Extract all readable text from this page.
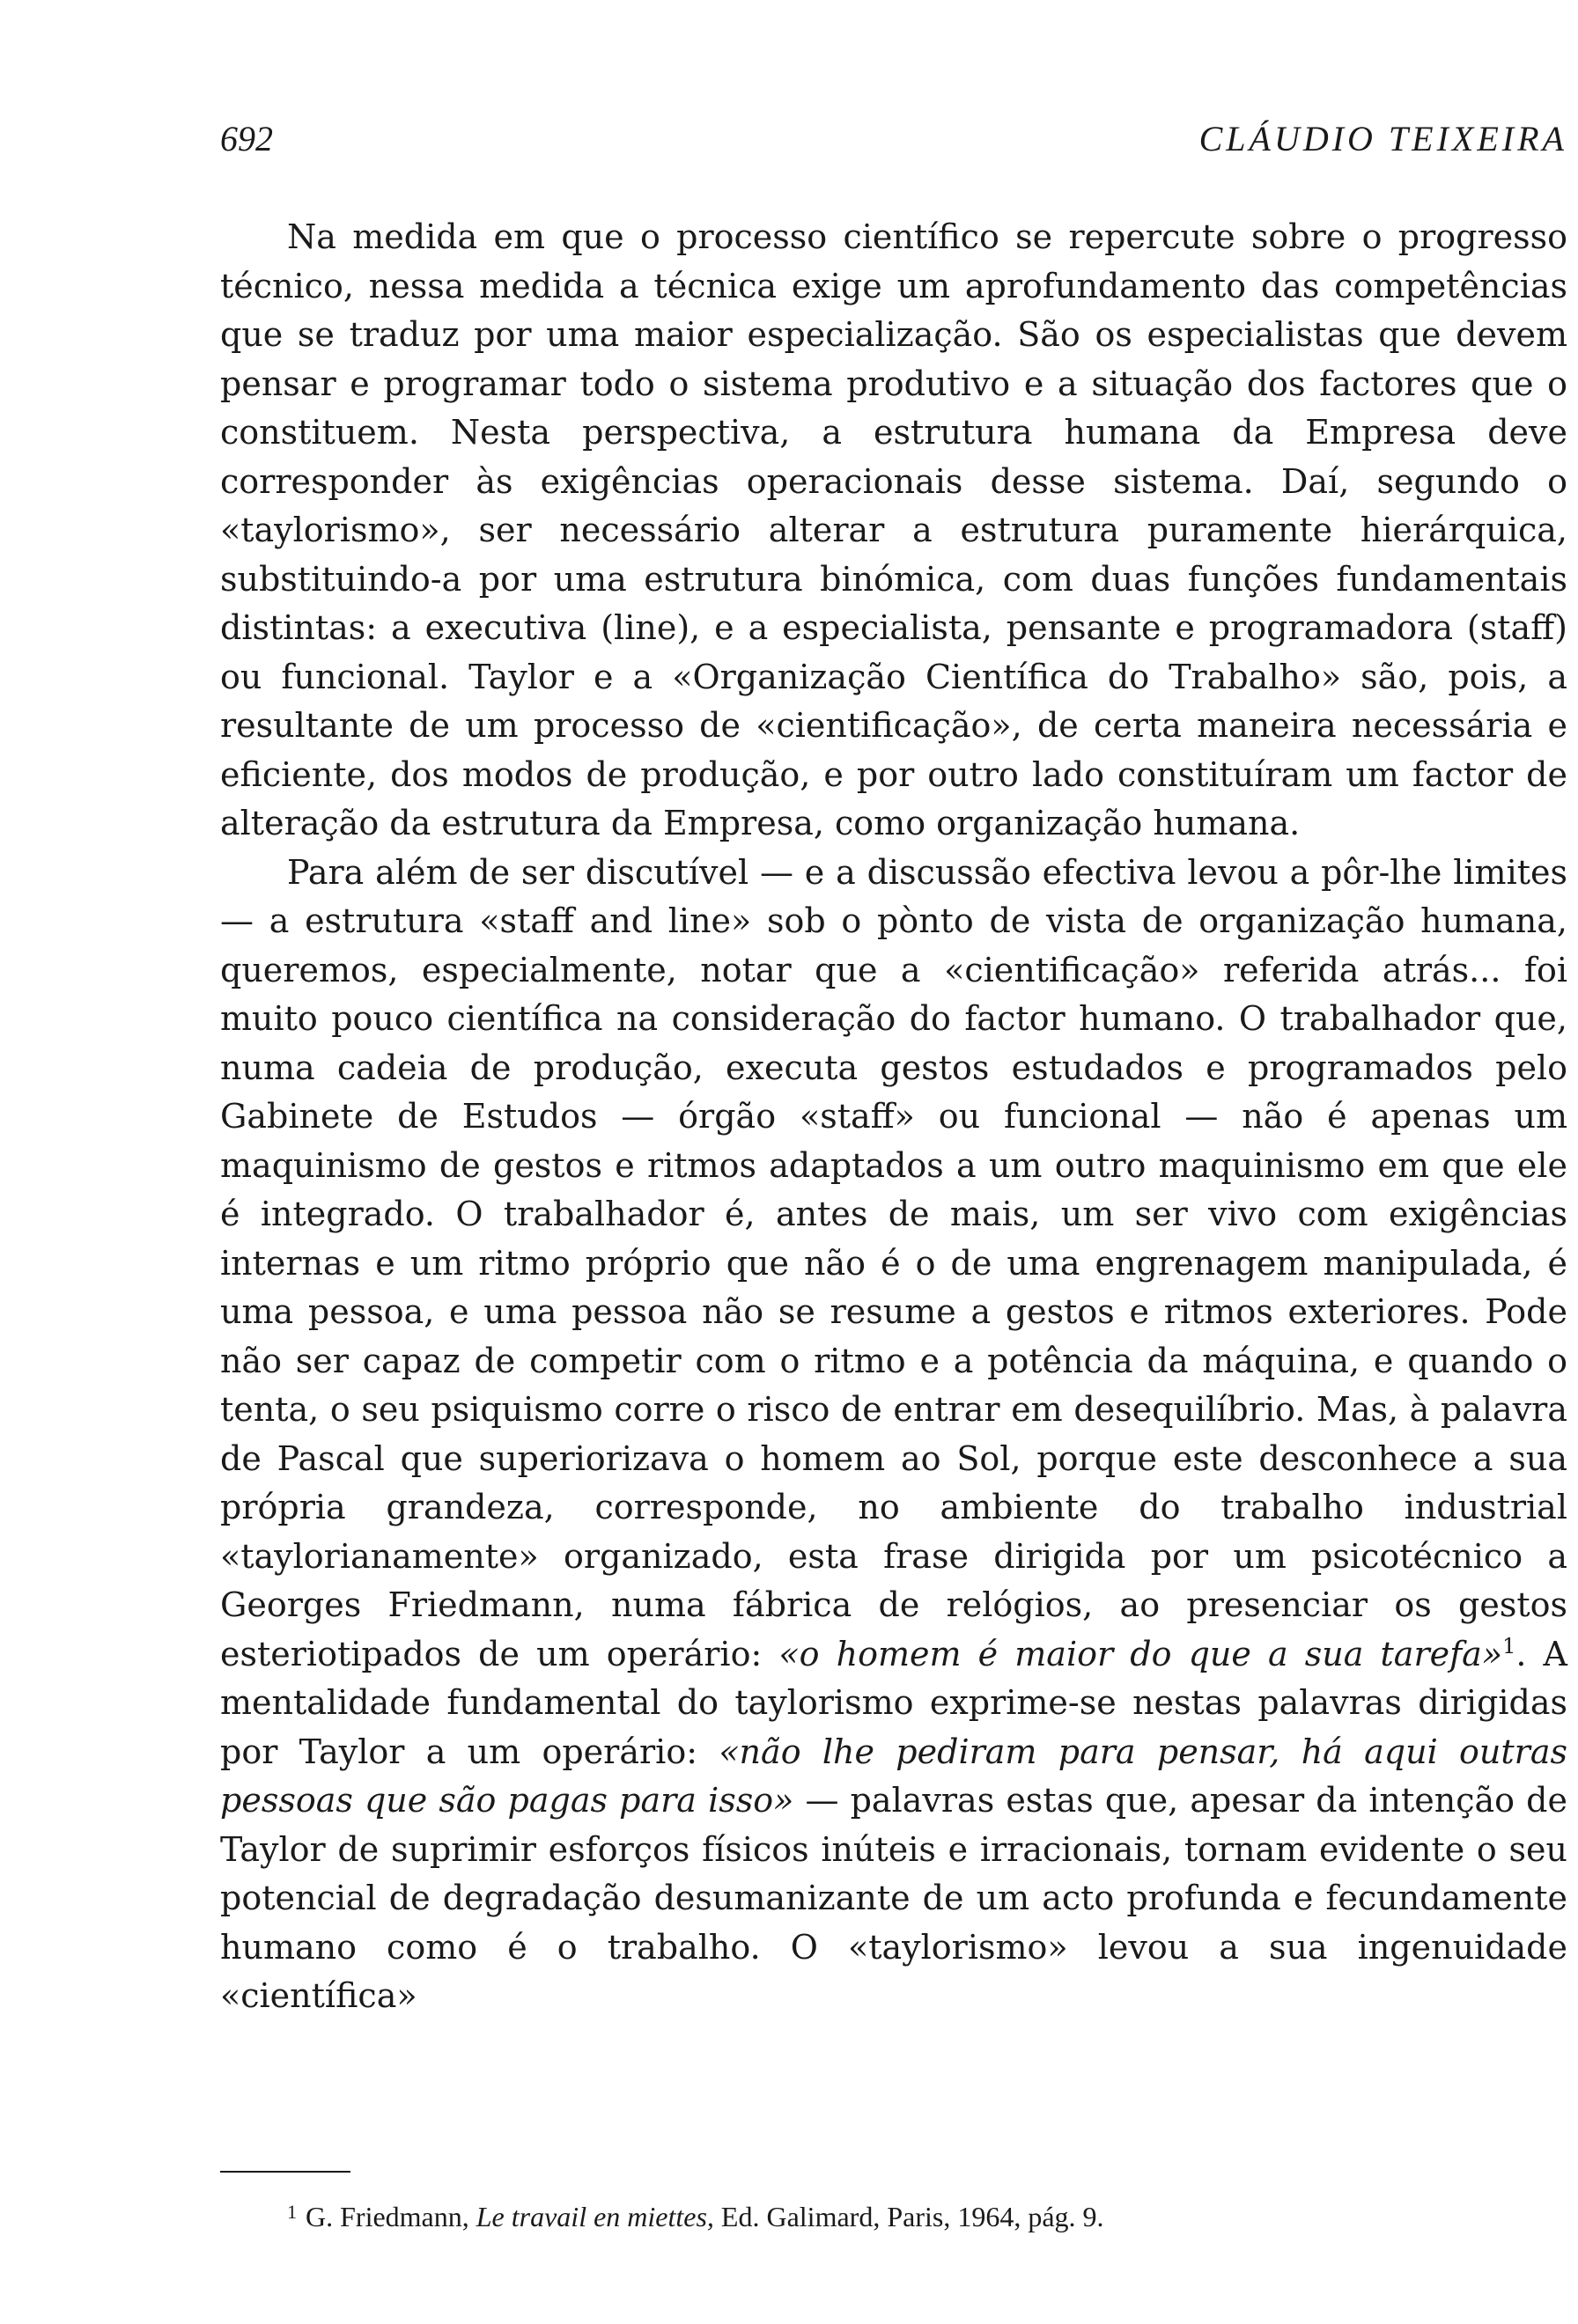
692	CLÁUDIO TEIXEIRA

Na medida em que o processo científico se repercute sobre o progresso técnico, nessa medida a técnica exige um aprofundamento das competências que se traduz por uma maior especialização. São os especialistas que devem pensar e programar todo o sistema produtivo e a situação dos factores que o constituem. Nesta perspectiva, a estrutura humana da Empresa deve corresponder às exigências operacionais desse sistema. Daí, segundo o «taylorismo», ser necessário alterar a estrutura puramente hierárquica, substituindo-a por uma estrutura binómica, com duas funções fundamentais distintas: a executiva (line), e a especialista, pensante e programadora (staff) ou funcional. Taylor e a «Organização Científica do Trabalho» são, pois, a resultante de um processo de «cientificação», de certa maneira necessária e eficiente, dos modos de produção, e por outro lado constituíram um factor de alteração da estrutura da Empresa, como organização humana.

Para além de ser discutível — e a discussão efectiva levou a pôr-lhe limites — a estrutura «staff and line» sob o pònto de vista de organização humana, queremos, especialmente, notar que a «cientificação» referida atrás... foi muito pouco científica na consideração do factor humano. O trabalhador que, numa cadeia de produção, executa gestos estudados e programados pelo Gabinete de Estudos — órgão «staff» ou funcional — não é apenas um maquinismo de gestos e ritmos adaptados a um outro maquinismo em que ele é integrado. O trabalhador é, antes de mais, um ser vivo com exigências internas e um ritmo próprio que não é o de uma engrenagem manipulada, é uma pessoa, e uma pessoa não se resume a gestos e ritmos exteriores. Pode não ser capaz de competir com o ritmo e a potência da máquina, e quando o tenta, o seu psiquismo corre o risco de entrar em desequilíbrio. Mas, à palavra de Pascal que superiorizava o homem ao Sol, porque este desconhece a sua própria grandeza, corresponde, no ambiente do trabalho industrial «taylorianamente» organizado, esta frase dirigida por um psicotécnico a Georges Friedmann, numa fábrica de relógios, ao presenciar os gestos esteriotipados de um operário: «o homem é maior do que a sua tarefa»$^1$. A mentalidade fundamental do taylorismo exprime-se nestas palavras dirigidas por Taylor a um operário: «não lhe pediram para pensar, há aqui outras pessoas que são pagas para isso» — palavras estas que, apesar da intenção de Taylor de suprimir esforços físicos inúteis e irracionais, tornam evidente o seu potencial de degradação desumanizante de um acto profunda e fecundamente humano como é o trabalho. O «taylorismo» levou a sua ingenuidade «científica»

$^1$ G. Friedmann, Le travail en miettes, Ed. Galimard, Paris, 1964, pág. 9.
